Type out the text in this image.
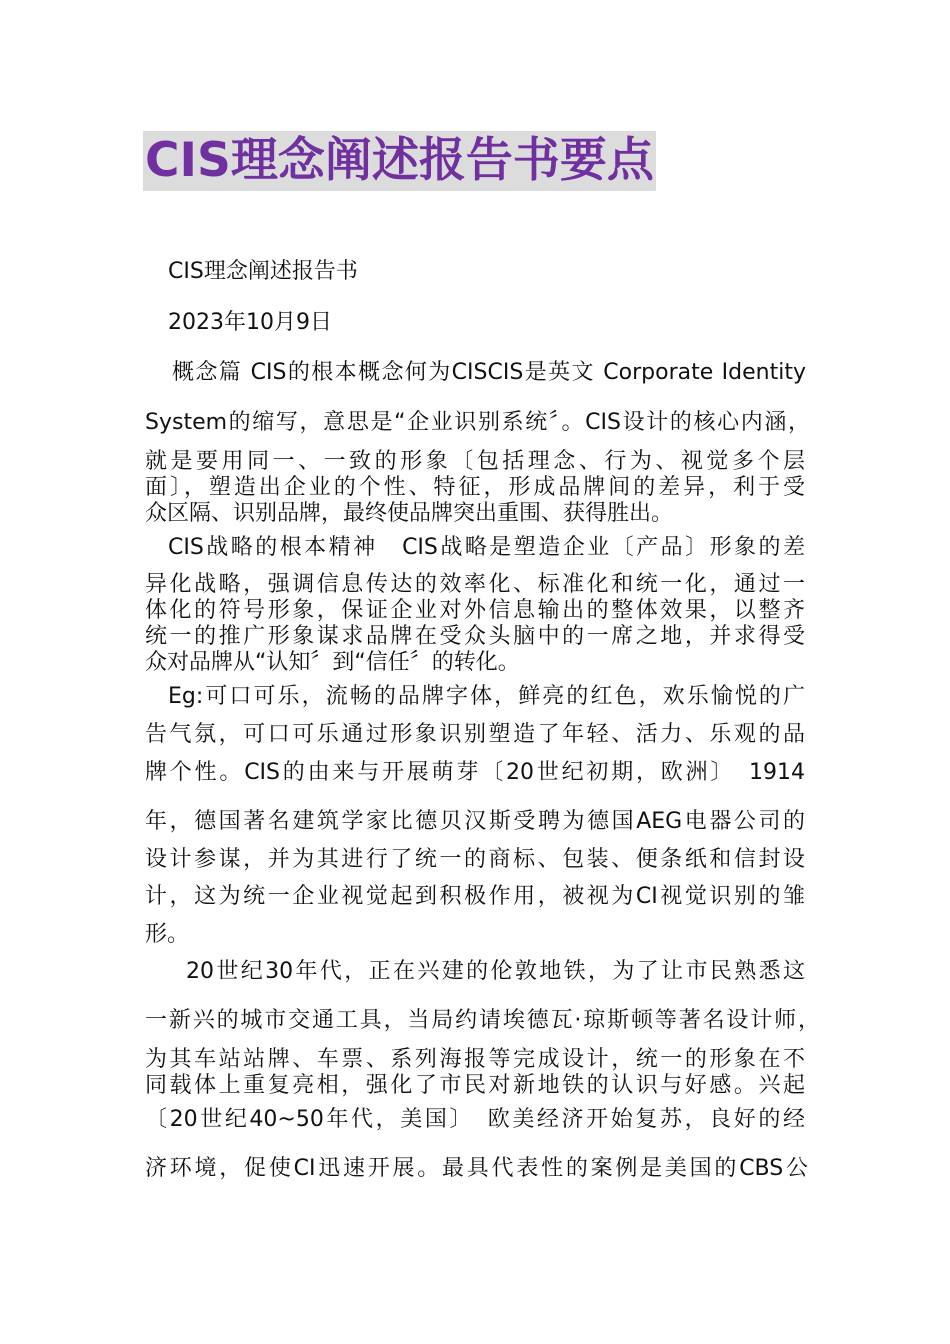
CIS理念阐述报告书要点
CIS理念阐述报告书
2023年10月9日
概念篇 CIS的根本概念何为CISCIS是英文 Corporate Identity
System的缩写，意思是“企业识别系统〞。CIS设计的核心内涵，
就是要用同一、一致的形象〔包括理念、行为、视觉多个层
面〕，塑造出企业的个性、特征，形成品牌间的差异，利于受
众区隔、识别品牌，最终使品牌突出重围、获得胜出。
CIS战略的根本精神　CIS战略是塑造企业〔产品〕形象的差
异化战略，强调信息传达的效率化、标准化和统一化，通过一
体化的符号形象，保证企业对外信息输出的整体效果，以整齐
统一的推广形象谋求品牌在受众头脑中的一席之地，并求得受
众对品牌从“认知〞到“信任〞的转化。
Eg:可口可乐，流畅的品牌字体，鲜亮的红色，欢乐愉悦的广
告气氛，可口可乐通过形象识别塑造了年轻、活力、乐观的品
牌个性。CIS的由来与开展萌芽〔20世纪初期，欧洲〕　1914
年，德国著名建筑学家比德贝汉斯受聘为德国AEG电器公司的
设计参谋，并为其进行了统一的商标、包装、便条纸和信封设
计，这为统一企业视觉起到积极作用，被视为CI视觉识别的雏
形。
20世纪30年代，正在兴建的伦敦地铁，为了让市民熟悉这
一新兴的城市交通工具，当局约请埃德瓦·琼斯顿等著名设计师，
为其车站站牌、车票、系列海报等完成设计，统一的形象在不
同载体上重复亮相，强化了市民对新地铁的认识与好感。兴起
〔20世纪40~50年代，美国〕　欧美经济开始复苏，良好的经
济环境，促使CI迅速开展。最具代表性的案例是美国的CBS公
